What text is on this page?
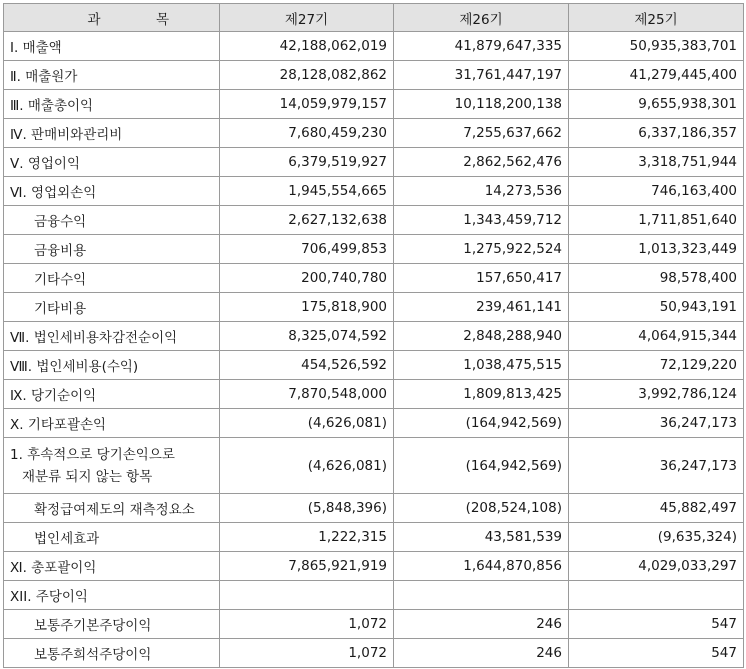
과 목	제27기	제26기	제25기
Ⅰ. 매출액	42,188,062,019	41,879,647,335	50,935,383,701
Ⅱ. 매출원가	28,128,082,862	31,761,447,197	41,279,445,400
Ⅲ. 매출총이익	14,059,979,157	10,118,200,138	9,655,938,301
Ⅳ. 판매비와관리비	7,680,459,230	7,255,637,662	6,337,186,357
Ⅴ. 영업이익	6,379,519,927	2,862,562,476	3,318,751,944
Ⅵ. 영업외손익	1,945,554,665	14,273,536	746,163,400
금융수익	2,627,132,638	1,343,459,712	1,711,851,640
금융비용	706,499,853	1,275,922,524	1,013,323,449
기타수익	200,740,780	157,650,417	98,578,400
기타비용	175,818,900	239,461,141	50,943,191
Ⅶ. 법인세비용차감전순이익	8,325,074,592	2,848,288,940	4,064,915,344
Ⅷ. 법인세비용(수익)	454,526,592	1,038,475,515	72,129,220
Ⅸ. 당기순이익	7,870,548,000	1,809,813,425	3,992,786,124
Ⅹ. 기타포괄손익	(4,626,081)	(164,942,569)	36,247,173

1. 후속적으로 당기손익으로
재분류 되지 않는 항목	(4,626,081)	(164,942,569)	36,247,173
확정급여제도의 재측정요소	(5,848,396)	(208,524,108)	45,882,497
법인세효과	1,222,315	43,581,539	(9,635,324)
Ⅺ. 총포괄이익	7,865,921,919	1,644,870,856	4,029,033,297
XII. 주당이익			
보통주기본주당이익	1,072	246	547
보통주희석주당이익	1,072	246	547
